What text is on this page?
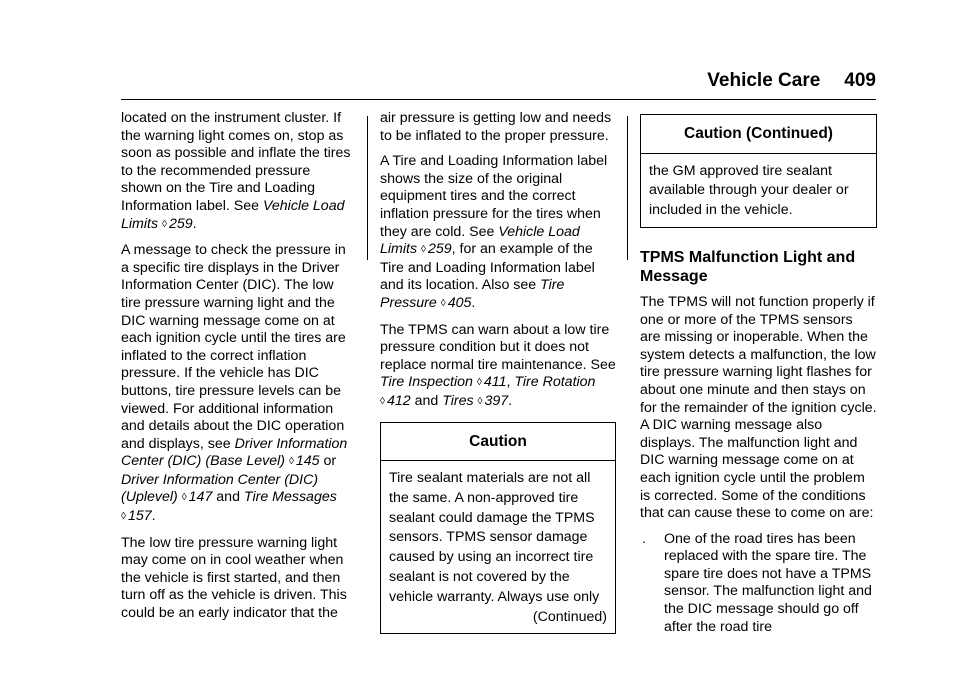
Vehicle Care 409

located on the instrument cluster. If the warning light comes on, stop as soon as possible and inflate the tires to the recommended pressure shown on the Tire and Loading Information label. See Vehicle Load Limits ◊ 259.

A message to check the pressure in a specific tire displays in the Driver Information Center (DIC). The low tire pressure warning light and the DIC warning message come on at each ignition cycle until the tires are inflated to the correct inflation pressure. If the vehicle has DIC buttons, tire pressure levels can be viewed. For additional information and details about the DIC operation and displays, see Driver Information Center (DIC) (Base Level) ◊ 145 or Driver Information Center (DIC) (Uplevel) ◊ 147 and Tire Messages ◊ 157.

The low tire pressure warning light may come on in cool weather when the vehicle is first started, and then turn off as the vehicle is driven. This could be an early indicator that the

air pressure is getting low and needs to be inflated to the proper pressure.

A Tire and Loading Information label shows the size of the original equipment tires and the correct inflation pressure for the tires when they are cold. See Vehicle Load Limits ◊ 259, for an example of the Tire and Loading Information label and its location. Also see Tire Pressure ◊ 405.

The TPMS can warn about a low tire pressure condition but it does not replace normal tire maintenance. See Tire Inspection ◊ 411, Tire Rotation ◊ 412 and Tires ◊ 397.

Caution
Tire sealant materials are not all the same. A non-approved tire sealant could damage the TPMS sensors. TPMS sensor damage caused by using an incorrect tire sealant is not covered by the vehicle warranty. Always use only
(Continued)
Caution (Continued)
the GM approved tire sealant available through your dealer or included in the vehicle.
TPMS Malfunction Light and Message

The TPMS will not function properly if one or more of the TPMS sensors are missing or inoperable. When the system detects a malfunction, the low tire pressure warning light flashes for about one minute and then stays on for the remainder of the ignition cycle. A DIC warning message also displays. The malfunction light and DIC warning message come on at each ignition cycle until the problem is corrected. Some of the conditions that can cause these to come on are:

.	One of the road tires has been replaced with the spare tire. The spare tire does not have a TPMS sensor. The malfunction light and the DIC message should go off after the road tire
